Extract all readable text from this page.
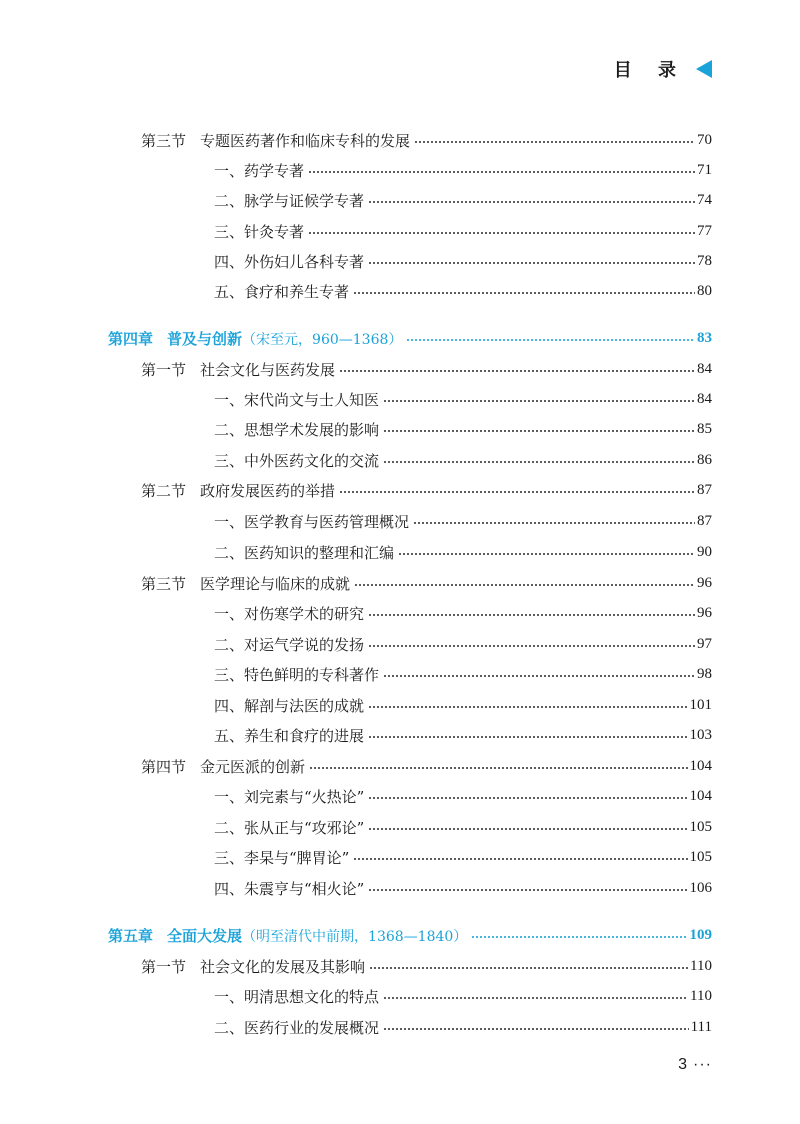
目 录
第三节 专题医药著作和临床专科的发展	70
一、药学专著	71
二、脉学与证候学专著	74
三、针灸专著	77
四、外伤妇儿各科专著	78
五、食疗和养生专著	80
第四章 普及与创新（宋至元，960—1368）	83
第一节 社会文化与医药发展	84
一、宋代尚文与士人知医	84
二、思想学术发展的影响	85
三、中外医药文化的交流	86
第二节 政府发展医药的举措	87
一、医学教育与医药管理概况	87
二、医药知识的整理和汇编	90
第三节 医学理论与临床的成就	96
一、对伤寒学术的研究	96
二、对运气学说的发扬	97
三、特色鲜明的专科著作	98
四、解剖与法医的成就	101
五、养生和食疗的进展	103
第四节 金元医派的创新	104
一、刘完素与“火热论”	104
二、张从正与“攻邪论”	105
三、李杲与“脾胃论”	105
四、朱震亨与“相火论”	106
第五章 全面大发展（明至清代中前期，1368—1840）	109
第一节 社会文化的发展及其影响	110
一、明清思想文化的特点	110
二、医药行业的发展概况	111
3 ···
